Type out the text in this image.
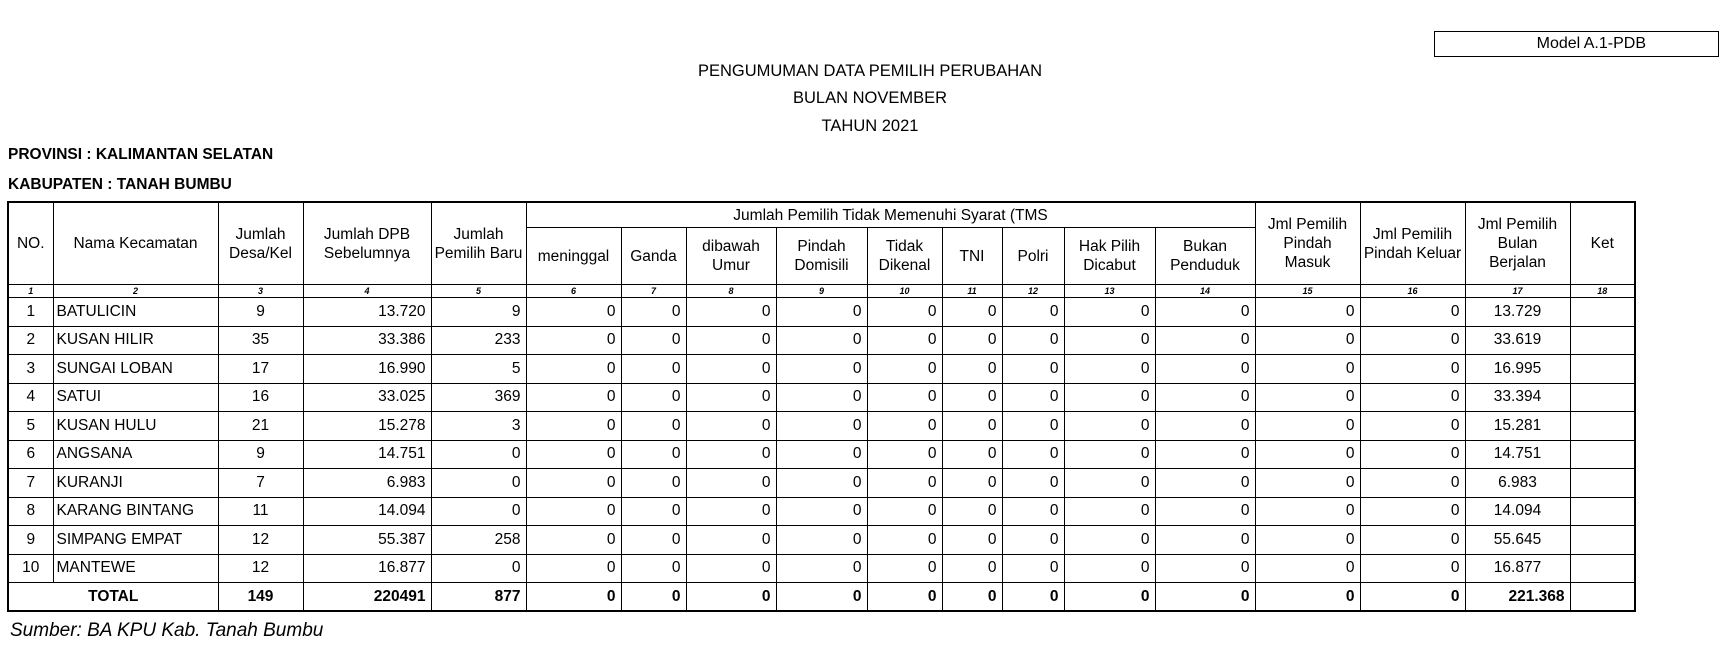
Model A.1-PDB
PENGUMUMAN DATA PEMILIH PERUBAHAN
BULAN NOVEMBER
TAHUN 2021
PROVINSI : KALIMANTAN SELATAN
KABUPATEN : TANAH BUMBU
NO.	Nama Kecamatan	Jumlah Desa/Kel	Jumlah DPB Sebelumnya	Jumlah Pemilih Baru	Jumlah Pemilih Tidak Memenuhi Syarat (TMS									Jml Pemilih Pindah Masuk	Jml Pemilih Pindah Keluar	Jml Pemilih Bulan Berjalan	Ket
					meninggal	Ganda	dibawah Umur	Pindah Domisili	Tidak Dikenal	TNI	Polri	Hak Pilih Dicabut	Bukan Penduduk				
1	2	3	4	5	6	7	8	9	10	11	12	13	14	15	16	17	18
1	BATULICIN	9	13.720	9	0	0	0	0	0	0	0	0	0	0	0	13.729	
2	KUSAN HILIR	35	33.386	233	0	0	0	0	0	0	0	0	0	0	0	33.619	
3	SUNGAI LOBAN	17	16.990	5	0	0	0	0	0	0	0	0	0	0	0	16.995	
4	SATUI	16	33.025	369	0	0	0	0	0	0	0	0	0	0	0	33.394	
5	KUSAN HULU	21	15.278	3	0	0	0	0	0	0	0	0	0	0	0	15.281	
6	ANGSANA	9	14.751	0	0	0	0	0	0	0	0	0	0	0	0	14.751	
7	KURANJI	7	6.983	0	0	0	0	0	0	0	0	0	0	0	0	6.983	
8	KARANG BINTANG	11	14.094	0	0	0	0	0	0	0	0	0	0	0	0	14.094	
9	SIMPANG EMPAT	12	55.387	258	0	0	0	0	0	0	0	0	0	0	0	55.645	
10	MANTEWE	12	16.877	0	0	0	0	0	0	0	0	0	0	0	0	16.877	
TOTAL		149	220491	877	0	0	0	0	0	0	0	0	0	0	0	221.368	
Sumber: BA KPU Kab. Tanah Bumbu
